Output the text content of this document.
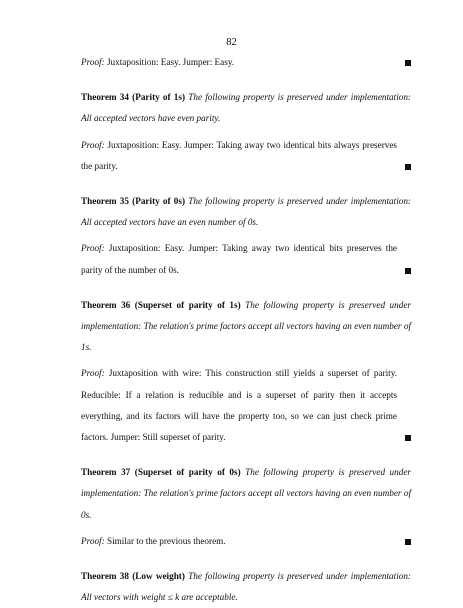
82

Proof: Juxtaposition: Easy. Jumper: Easy.

Theorem 34 (Parity of 1s) The following property is preserved under implementation: All accepted vectors have even parity.

Proof: Juxtaposition: Easy. Jumper: Taking away two identical bits always preserves the parity.

Theorem 35 (Parity of 0s) The following property is preserved under implementation: All accepted vectors have an even number of 0s.

Proof: Juxtaposition: Easy. Jumper: Taking away two identical bits preserves the parity of the number of 0s.

Theorem 36 (Superset of parity of 1s) The following property is preserved under implementation: The relation's prime factors accept all vectors having an even number of 1s.

Proof: Juxtaposition with wire: This construction still yields a superset of parity. Reducible: If a relation is reducible and is a superset of parity then it accepts everything, and its factors will have the property too, so we can just check prime factors. Jumper: Still superset of parity.

Theorem 37 (Superset of parity of 0s) The following property is preserved under implementation: The relation's prime factors accept all vectors having an even number of 0s.

Proof: Similar to the previous theorem.

Theorem 38 (Low weight) The following property is preserved under implementation: All vectors with weight ≤ k are acceptable.
